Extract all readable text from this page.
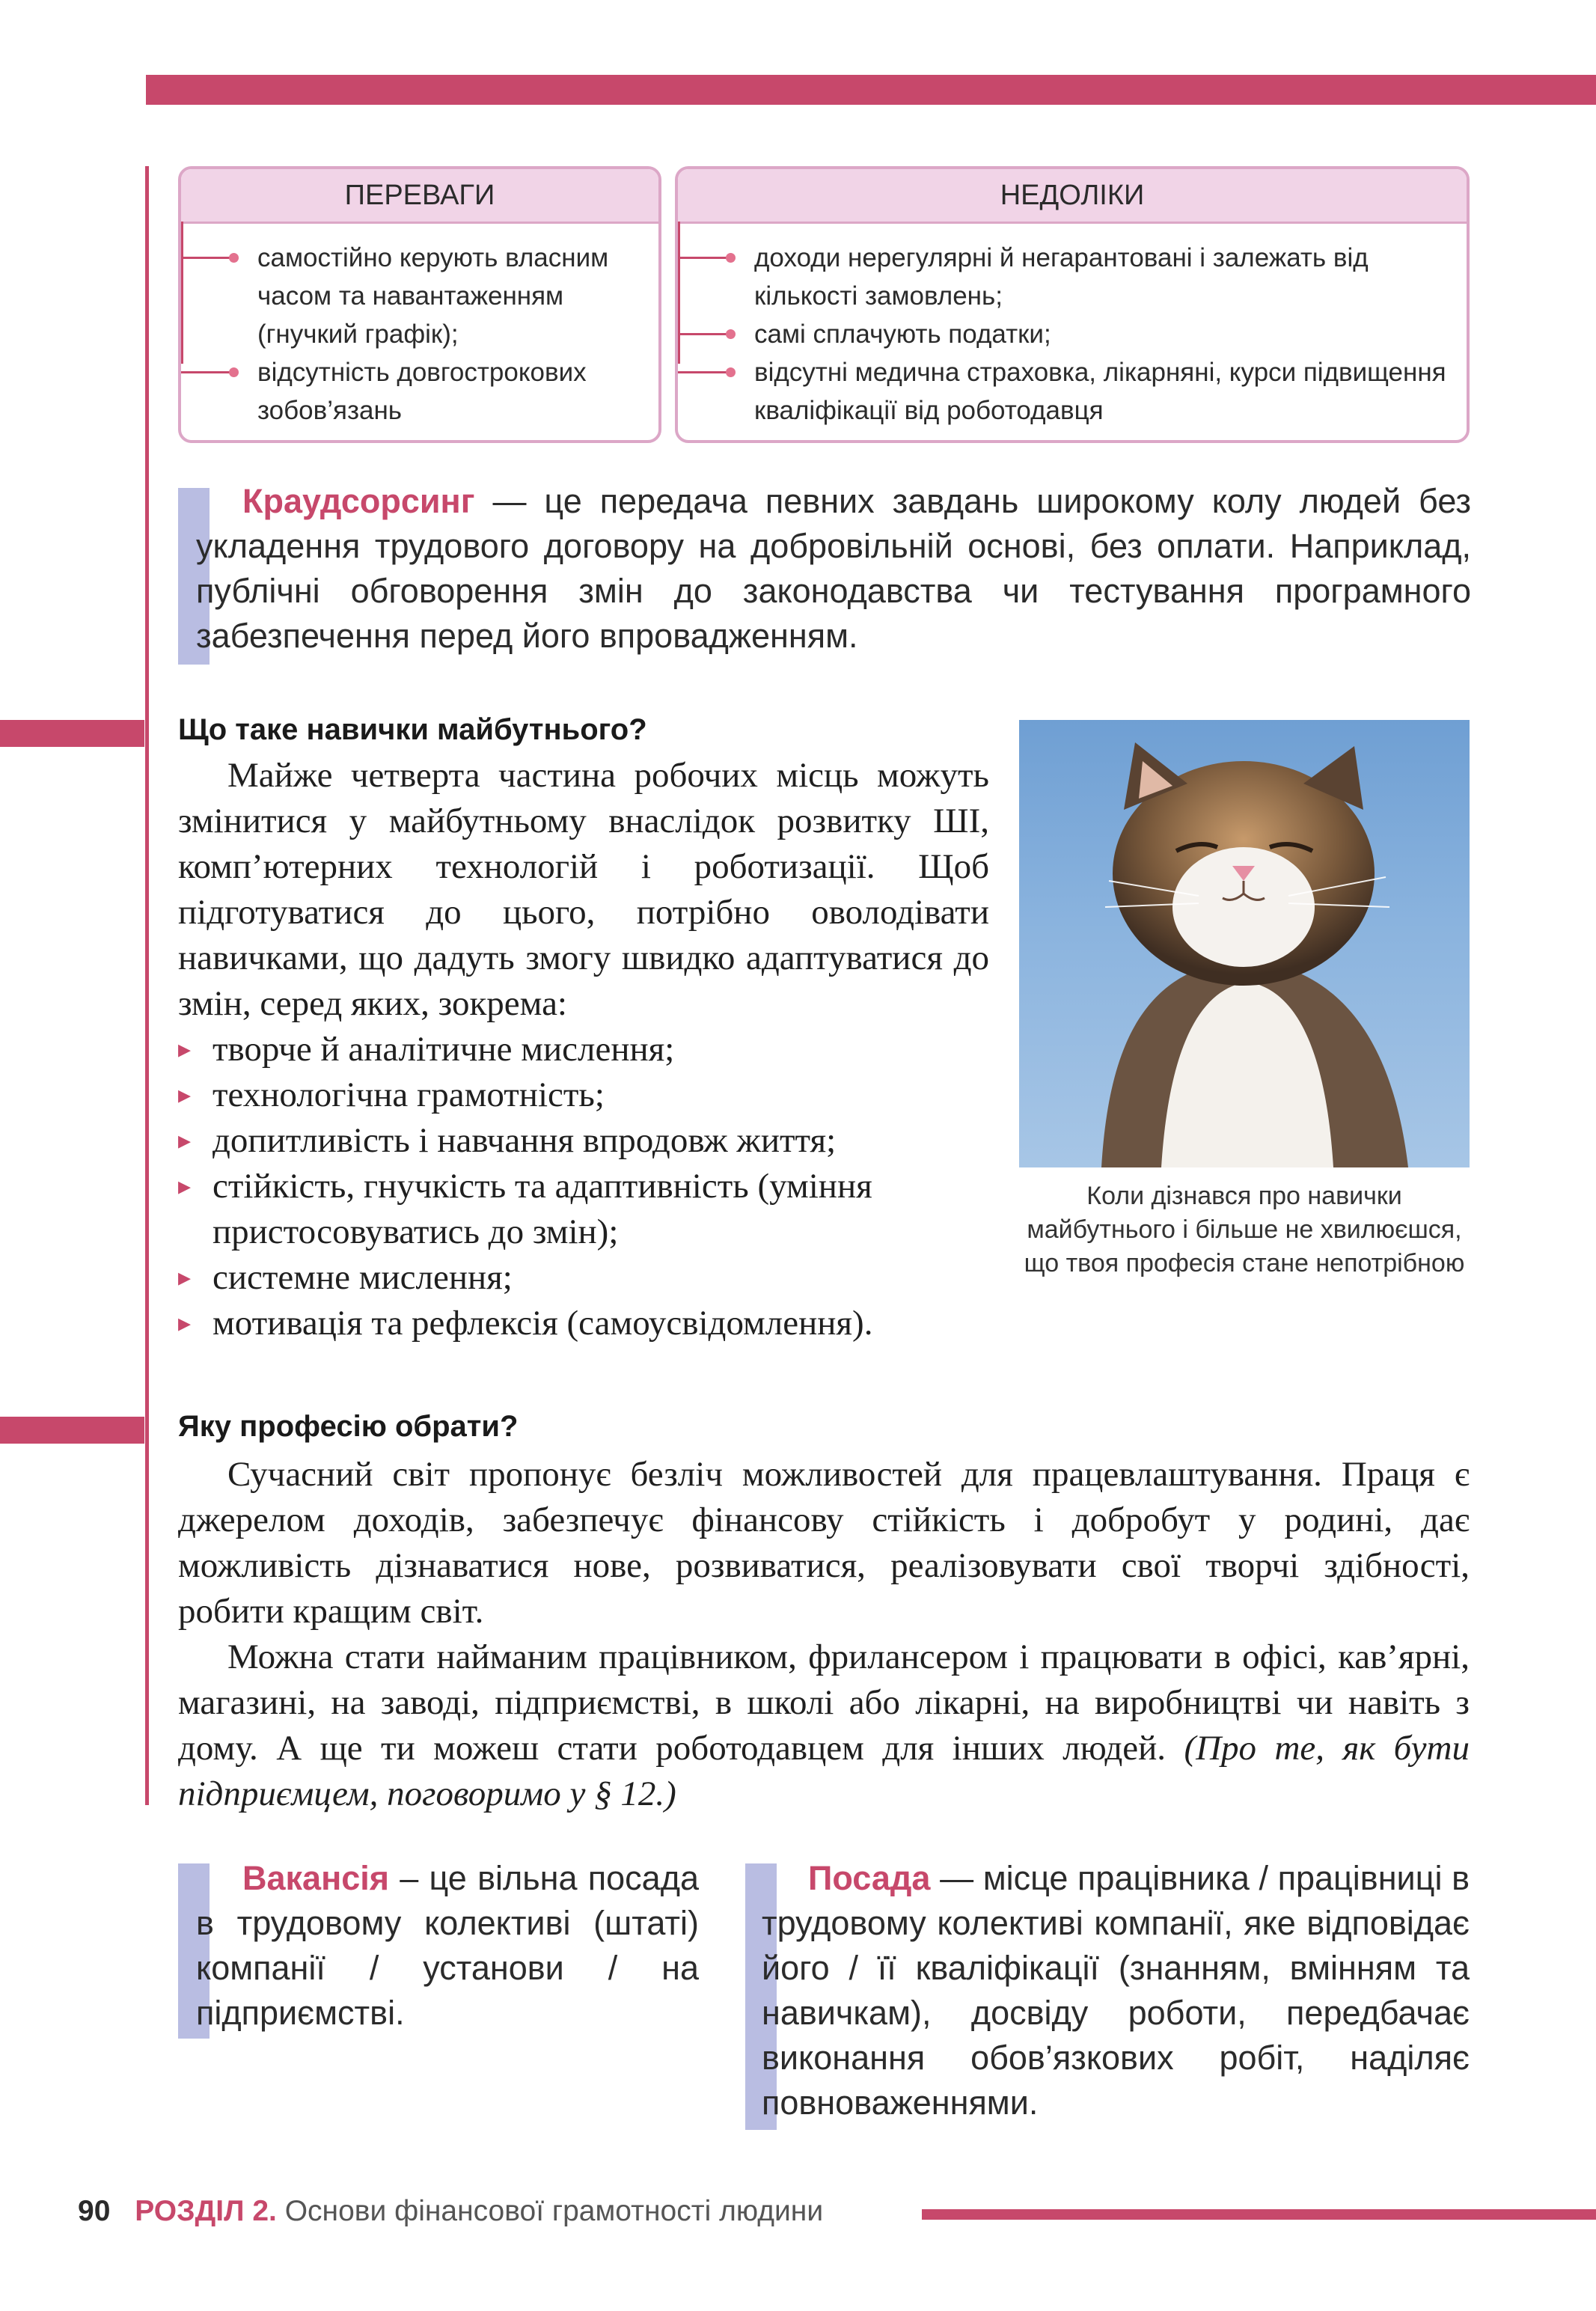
ПЕРЕВАГИ
самостійно керують власним часом та навантаженням (гнучкий графік);
відсутність довгострокових зобов’язань
НЕДОЛІКИ
доходи нерегулярні й негарантовані і залежать від кількості замовлень;
самі сплачують податки;
відсутні медична страховка, лікарняні, курси підвищення кваліфікації від роботодавця
Краудсорсинг — це передача певних завдань широкому колу людей без укладення трудового договору на добровільній основі, без оплати. Наприклад, публічні обговорення змін до законодавства чи тестування програмного забезпечення перед його впровадженням.
Що таке навички майбутнього?

Майже четверта частина робочих місць можуть змінитися у майбутньому внаслідок розвитку ШІ, комп’ютерних технологій і роботизації. Щоб підготуватися до цього, потрібно оволодівати навичками, що дадуть змогу швидко адаптуватися до змін, серед яких, зокрема:

▸ творче й аналітичне мислення;
▸ технологічна грамотність;
▸ допитливість і навчання впродовж життя;
▸ стійкість, гнучкість та адаптивність (уміння пристосовуватись до змін);
▸ системне мислення;
▸ мотивація та рефлексія (самоусвідомлення).
Коли дізнався про навички майбутнього і більше не хвилюєшся, що твоя професія стане непотрібною
Яку професію обрати?

Сучасний світ пропонує безліч можливостей для працевлаштування. Праця є джерелом доходів, забезпечує фінансову стійкість і добробут у родині, дає можливість дізнаватися нове, розвиватися, реалізовувати свої творчі здібності, робити кращим світ.

Можна стати найманим працівником, фрилансером і працювати в офісі, кав’ярні, магазині, на заводі, підприємстві, в школі або лікарні, на виробництві чи навіть з дому. А ще ти можеш стати роботодавцем для інших людей. (Про те, як бути підприємцем, поговоримо у § 12.)

Вакансія – це вільна посада в трудовому колективі (штаті) компанії / установи / на підприємстві.
Посада — місце працівника / працівниці в трудовому колективі компанії, яке відповідає його / її кваліфікації (знанням, вмінням та навичкам), досвіду роботи, передбачає виконання обов’язкових робіт, наділяє повноваженнями.
90 РОЗДІЛ 2. Основи фінансової грамотності людини
